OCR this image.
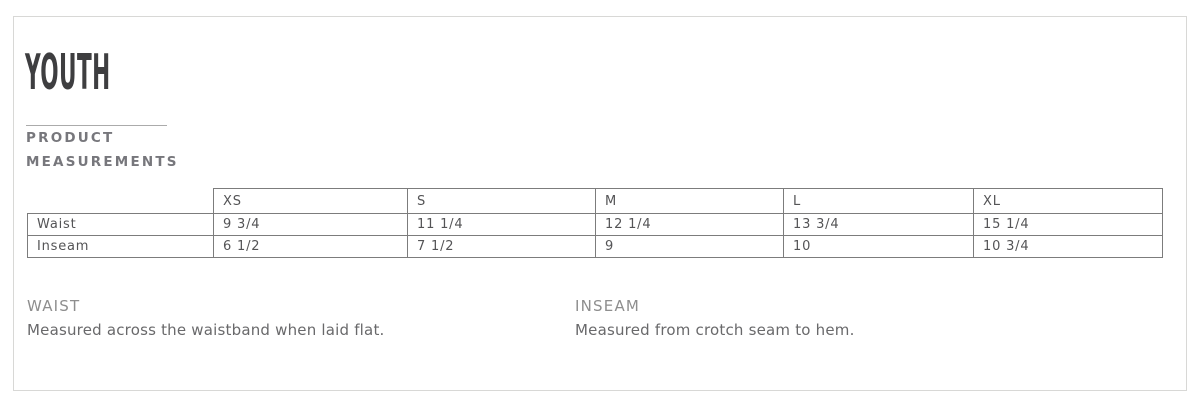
YOUTH
PRODUCT
MEASUREMENTS
	XS	S	M	L	XL
Waist	9 3/4	11 1/4	12 1/4	13 3/4	15 1/4
Inseam	6 1/2	7 1/2	9	10	10 3/4
WAIST
Measured across the waistband when laid flat.
INSEAM
Measured from crotch seam to hem.
